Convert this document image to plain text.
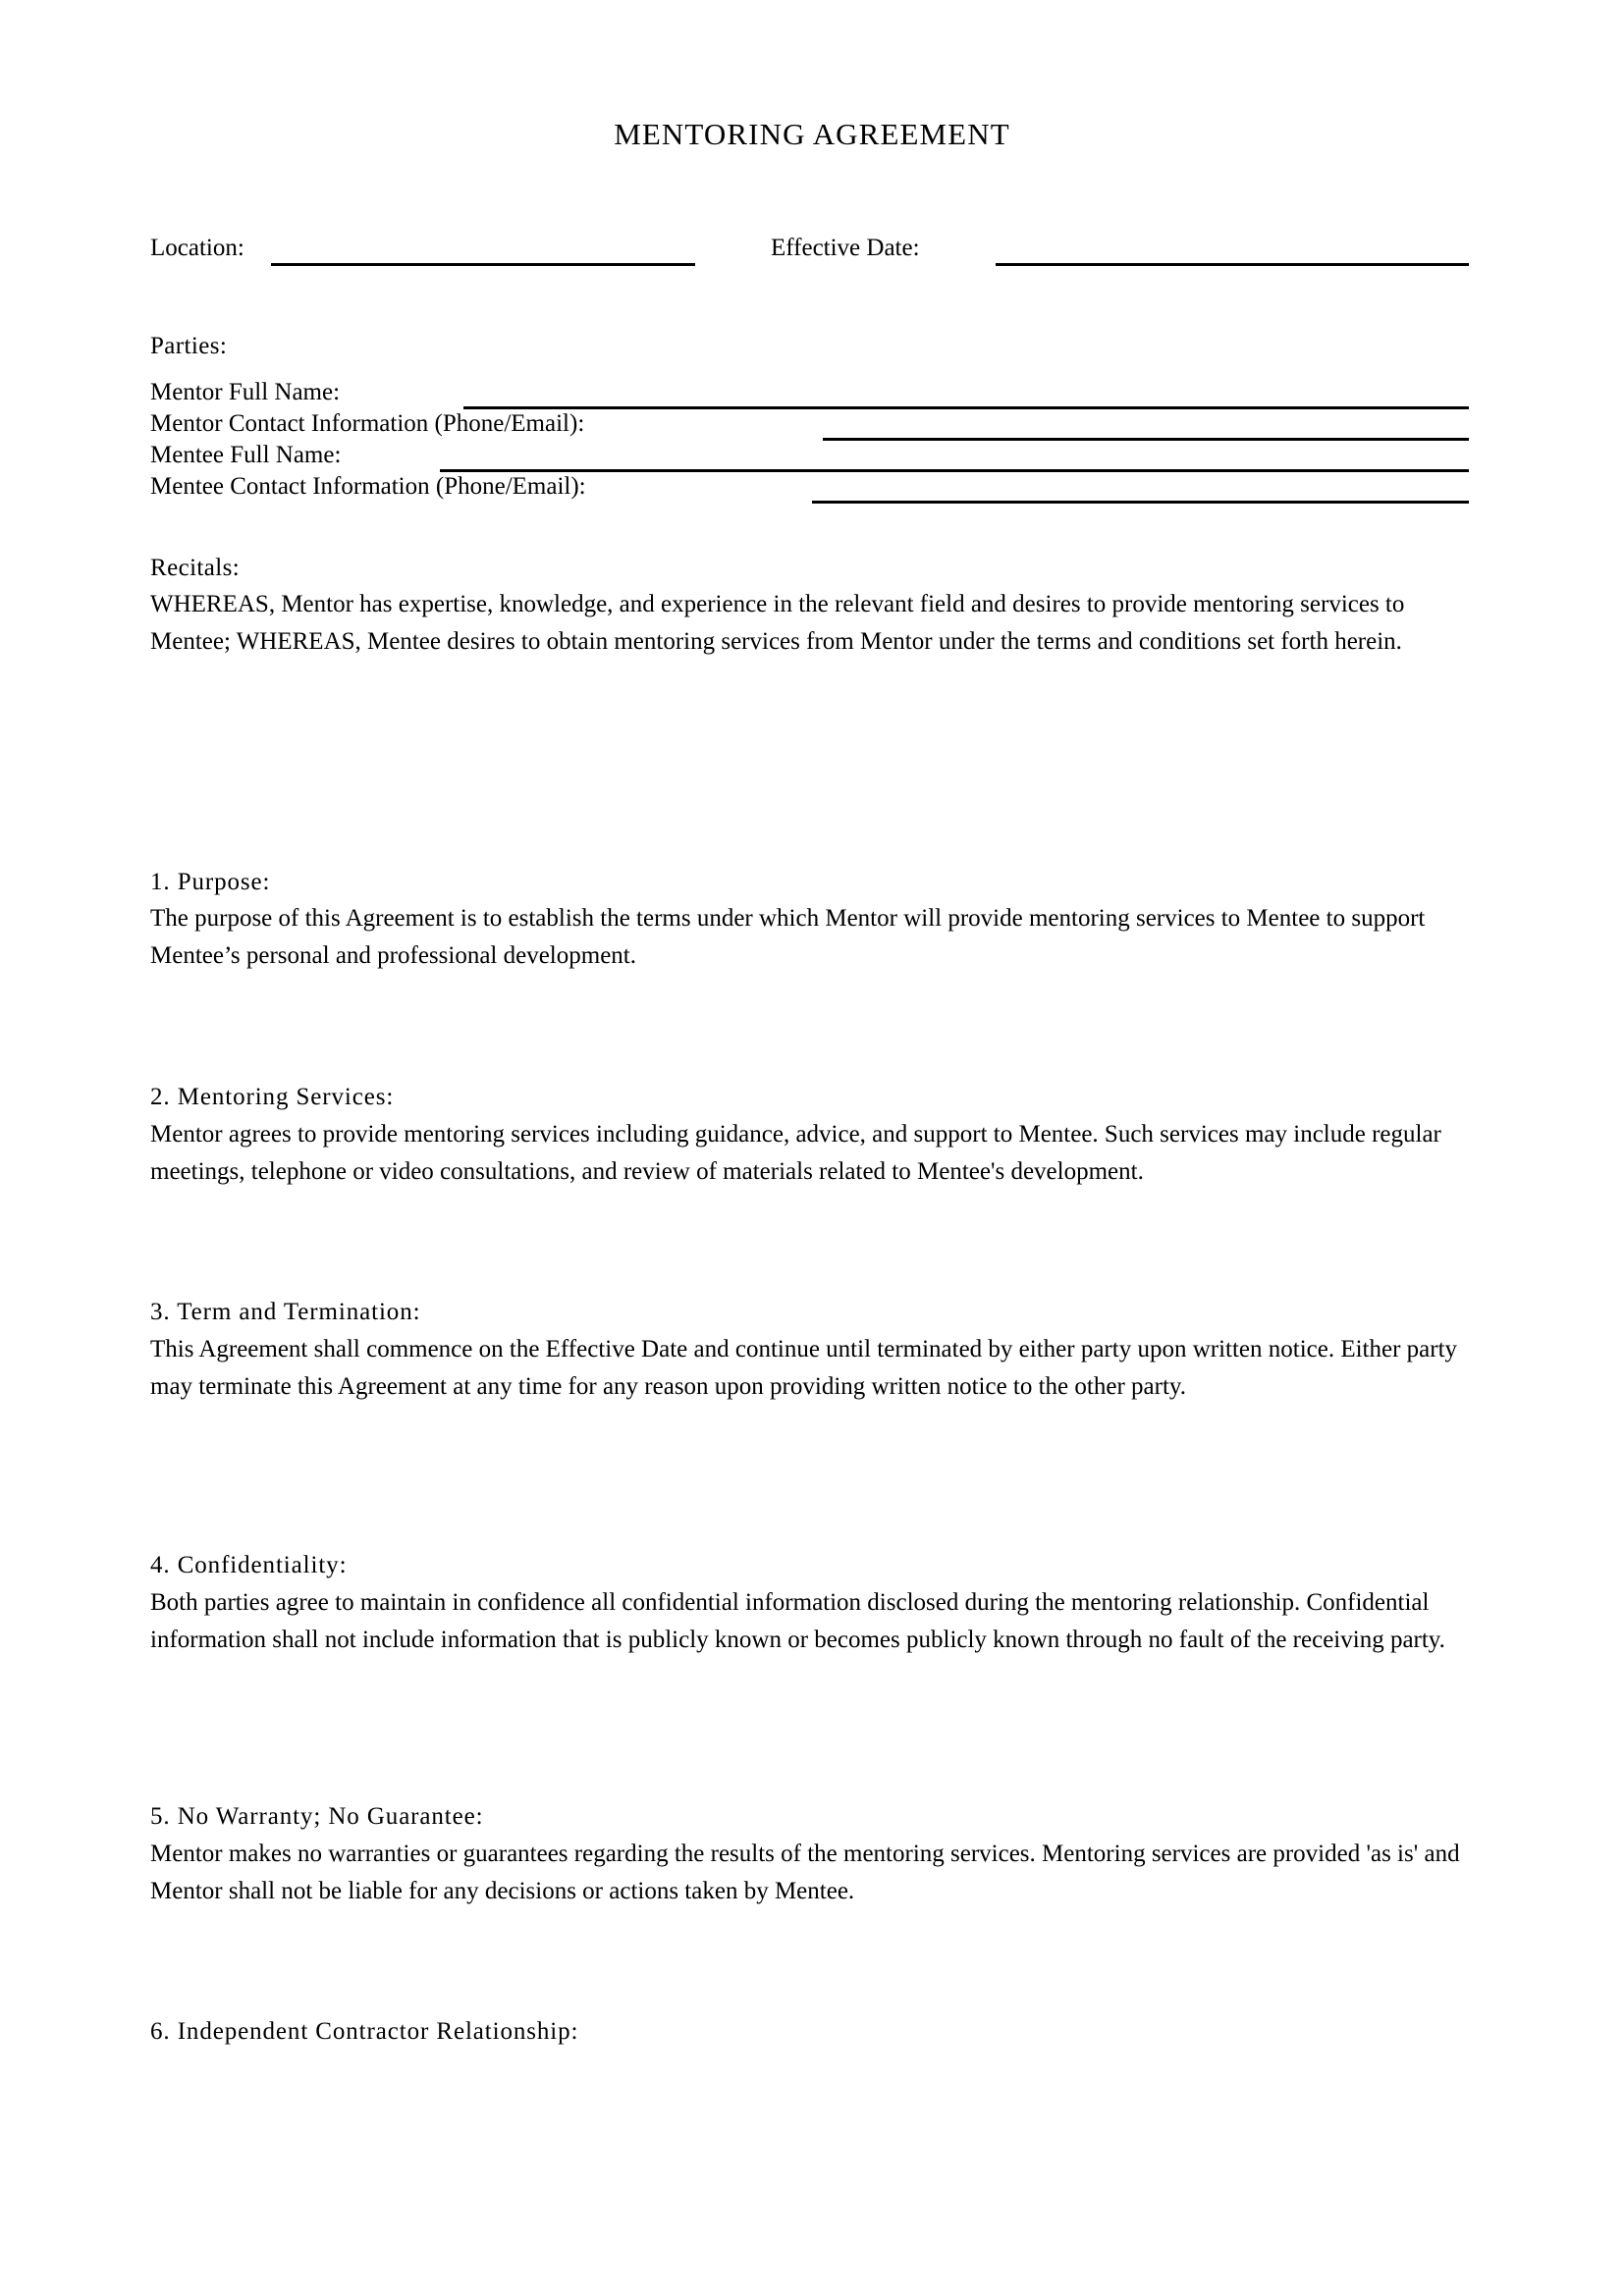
MENTORING AGREEMENT
Location:	Effective Date:
Parties:
Mentor Full Name:
Mentor Contact Information (Phone/Email):
Mentee Full Name:
Mentee Contact Information (Phone/Email):
Recitals:
WHEREAS, Mentor has expertise, knowledge, and experience in the relevant field and desires to provide mentoring services to Mentee; WHEREAS, Mentee desires to obtain mentoring services from Mentor under the terms and conditions set forth herein.
1. Purpose:
The purpose of this Agreement is to establish the terms under which Mentor will provide mentoring services to Mentee to support Mentee’s personal and professional development.
2. Mentoring Services:
Mentor agrees to provide mentoring services including guidance, advice, and support to Mentee. Such services may include regular meetings, telephone or video consultations, and review of materials related to Mentee's development.
3. Term and Termination:
This Agreement shall commence on the Effective Date and continue until terminated by either party upon written notice. Either party may terminate this Agreement at any time for any reason upon providing written notice to the other party.
4. Confidentiality:
Both parties agree to maintain in confidence all confidential information disclosed during the mentoring relationship. Confidential information shall not include information that is publicly known or becomes publicly known through no fault of the receiving party.
5. No Warranty; No Guarantee:
Mentor makes no warranties or guarantees regarding the results of the mentoring services. Mentoring services are provided 'as is' and Mentor shall not be liable for any decisions or actions taken by Mentee.
6. Independent Contractor Relationship:
